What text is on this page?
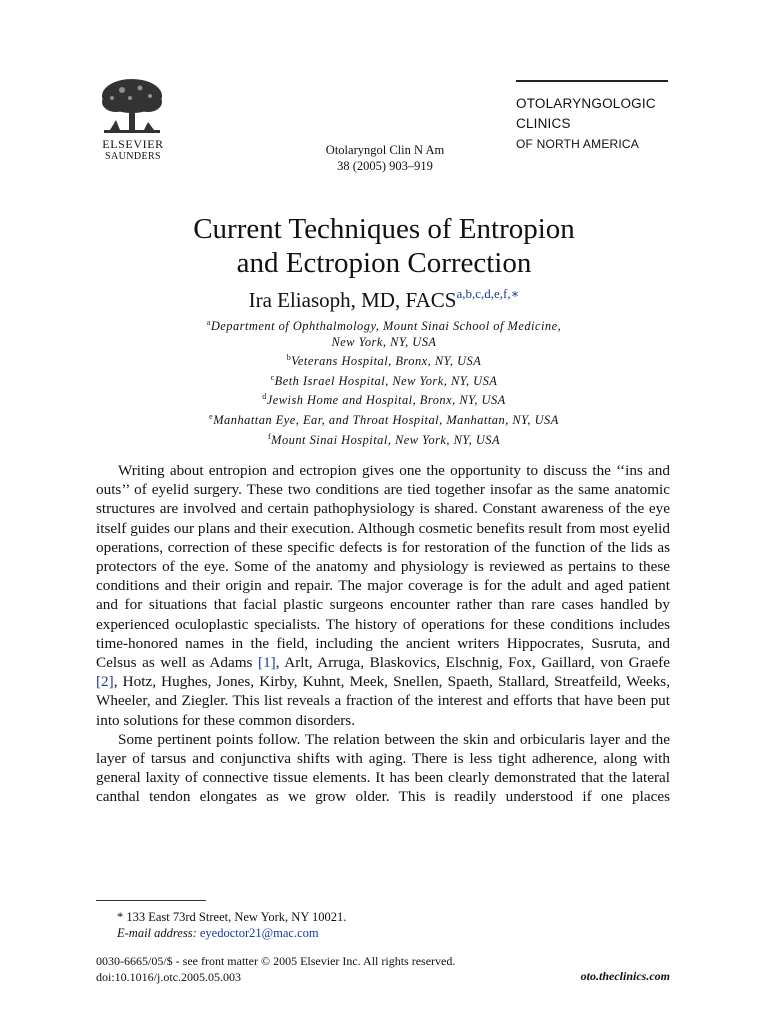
ELSEVIER
SAUNDERS	Otolaryngol Clin N Am
38 (2005) 903–919
OTOLARYNGOLOGIC
CLINICS
OF NORTH AMERICA
Current Techniques of Entropion
and Ectropion Correction
Ira Eliasoph, MD, $FACS^{a,b,c,d,e,f,∗}$
$^a$Department of Ophthalmology, Mount Sinai School of Medicine,
New York, NY, USA
$^b$Veterans Hospital, Bronx, NY, USA
$^c$Beth Israel Hospital, New York, NY, USA
$^d$Jewish Home and Hospital, Bronx, NY, USA
$^e$Manhattan Eye, Ear, and Throat Hospital, Manhattan, NY, USA
$^f$Mount Sinai Hospital, New York, NY, USA

Writing about entropion and ectropion gives one the opportunity to discuss the ‘‘ins and outs’’ of eyelid surgery. These two conditions are tied together insofar as the same anatomic structures are involved and certain pathophysiology is shared. Constant awareness of the eye itself guides our plans and their execution. Although cosmetic benefits result from most eyelid operations, correction of these specific defects is for restoration of the function of the lids as protectors of the eye. Some of the anatomy and physiology is reviewed as pertains to these conditions and their origin and repair. The major coverage is for the adult and aged patient and for situations that facial plastic surgeons encounter rather than rare cases handled by experienced oculoplastic specialists. The history of operations for these conditions includes time-honored names in the field, including the ancient writers Hippocrates, Susruta, and Celsus as well as Adams [1], Arlt, Arruga, Blaskovics, Elschnig, Fox, Gaillard, von Graefe [2], Hotz, Hughes, Jones, Kirby, Kuhnt, Meek, Snellen, Spaeth, Stallard, Streatfeild, Weeks, Wheeler, and Ziegler. This list reveals a fraction of the interest and efforts that have been put into solutions for these common disorders.

Some pertinent points follow. The relation between the skin and orbicularis layer and the layer of tarsus and conjunctiva shifts with aging. There is less tight adherence, along with general laxity of connective tissue elements. It has been clearly demonstrated that the lateral canthal tendon elongates as we grow older. This is readily understood if one places

* 133 East 73rd Street, New York, NY 10021.
E-mail address: eyedoctor21@mac.com
0030-6665/05/$ - see front matter © 2005 Elsevier Inc. All rights reserved.
doi:10.1016/j.otc.2005.05.003	oto.theclinics.com
